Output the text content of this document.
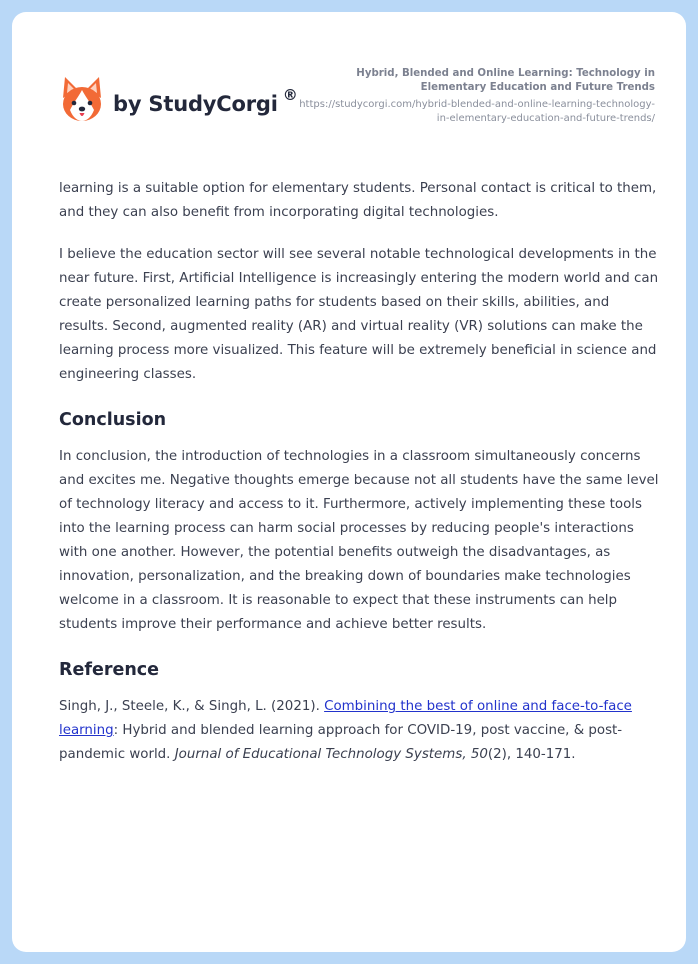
by StudyCorgi ®
Hybrid, Blended and Online Learning: Technology in Elementary Education and Future Trends
https://studycorgi.com/hybrid-blended-and-online-learning-technology-in-elementary-education-and-future-trends/

learning is a suitable option for elementary students. Personal contact is critical to them, and they can also benefit from incorporating digital technologies.

I believe the education sector will see several notable technological developments in the near future. First, Artificial Intelligence is increasingly entering the modern world and can create personalized learning paths for students based on their skills, abilities, and results. Second, augmented reality (AR) and virtual reality (VR) solutions can make the learning process more visualized. This feature will be extremely beneficial in science and engineering classes.

Conclusion

In conclusion, the introduction of technologies in a classroom simultaneously concerns and excites me. Negative thoughts emerge because not all students have the same level of technology literacy and access to it. Furthermore, actively implementing these tools into the learning process can harm social processes by reducing people's interactions with one another. However, the potential benefits outweigh the disadvantages, as innovation, personalization, and the breaking down of boundaries make technologies welcome in a classroom. It is reasonable to expect that these instruments can help students improve their performance and achieve better results.

Reference

Singh, J., Steele, K., & Singh, L. (2021). Combining the best of online and face-to-face learning: Hybrid and blended learning approach for COVID-19, post vaccine, & post-pandemic world. Journal of Educational Technology Systems, 50(2), 140-171.
